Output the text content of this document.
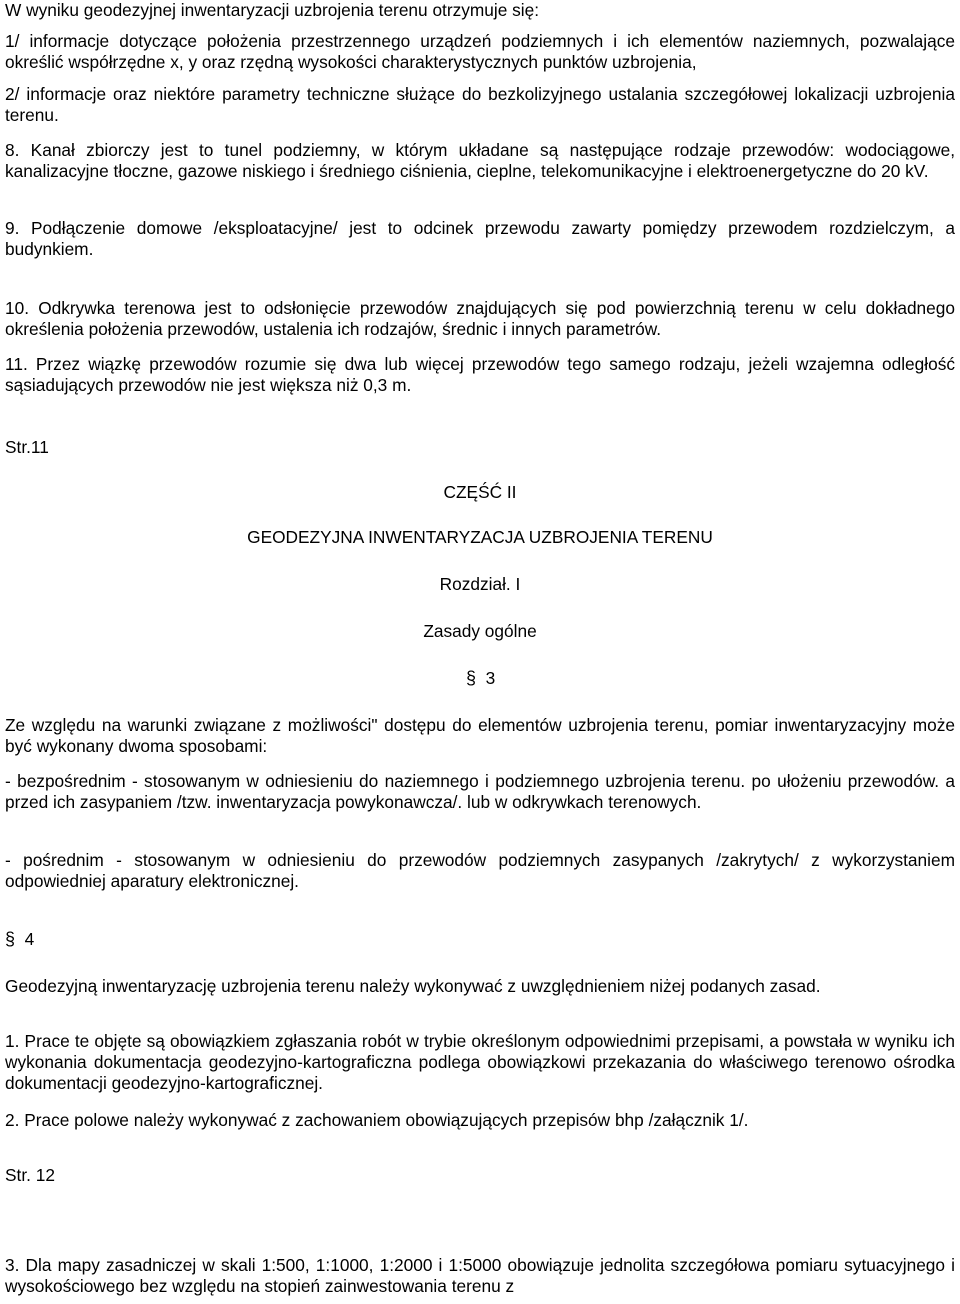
W wyniku geodezyjnej inwentaryzacji uzbrojenia terenu otrzymuje się:

1/ informacje dotyczące położenia przestrzennego urządzeń podziemnych i ich elementów naziemnych, pozwalające określić współrzędne x, y oraz rzędną wysokości charakterystycznych punktów uzbrojenia,

2/ informacje oraz niektóre parametry techniczne służące do bezkolizyjnego ustalania szczegółowej lokalizacji uzbrojenia terenu.

8. Kanał zbiorczy jest to tunel podziemny, w którym układane są następujące rodzaje przewodów: wodociągowe, kanalizacyjne tłoczne, gazowe niskiego i średniego ciśnienia, cieplne, telekomunikacyjne i elektroenergetyczne do 20 kV.

9. Podłączenie domowe /eksploatacyjne/ jest to odcinek przewodu zawarty pomiędzy przewodem rozdzielczym, a budynkiem.

10. Odkrywka terenowa jest to odsłonięcie przewodów znajdujących się pod powierzchnią terenu w celu dokładnego określenia położenia przewodów, ustalenia ich rodzajów, średnic i innych parametrów.

11. Przez wiązkę przewodów rozumie się dwa lub więcej przewodów tego samego rodzaju, jeżeli wzajemna odległość sąsiadujących przewodów nie jest większa niż 0,3 m.

Str.11

CZĘŚĆ II

GEODEZYJNA INWENTARYZACJA UZBROJENIA TERENU

Rozdział. I

Zasady ogólne

§ 3

Ze względu na warunki związane z możliwości" dostępu do elementów uzbrojenia terenu, pomiar inwentaryzacyjny może być wykonany dwoma sposobami:

- bezpośrednim - stosowanym w odniesieniu do naziemnego i podziemnego uzbrojenia terenu. po ułożeniu przewodów. a przed ich zasypaniem /tzw. inwentaryzacja powykonawcza/. lub w odkrywkach terenowych.

- pośrednim - stosowanym w odniesieniu do przewodów podziemnych zasypanych /zakrytych/ z wykorzystaniem odpowiedniej aparatury elektronicznej.

§ 4

Geodezyjną inwentaryzację uzbrojenia terenu należy wykonywać z uwzględnieniem niżej podanych zasad.

1. Prace te objęte są obowiązkiem zgłaszania robót w trybie określonym odpowiednimi przepisami, a powstała w wyniku ich wykonania dokumentacja geodezyjno-kartograficzna podlega obowiązkowi przekazania do właściwego terenowo ośrodka dokumentacji geodezyjno-kartograficznej.

2. Prace polowe należy wykonywać z zachowaniem obowiązujących przepisów bhp /załącznik 1/.

Str. 12

3. Dla mapy zasadniczej w skali 1:500, 1:1000, 1:2000 i 1:5000 obowiązuje jednolita szczegółowa pomiaru sytuacyjnego i wysokościowego bez względu na stopień zainwestowania terenu z
